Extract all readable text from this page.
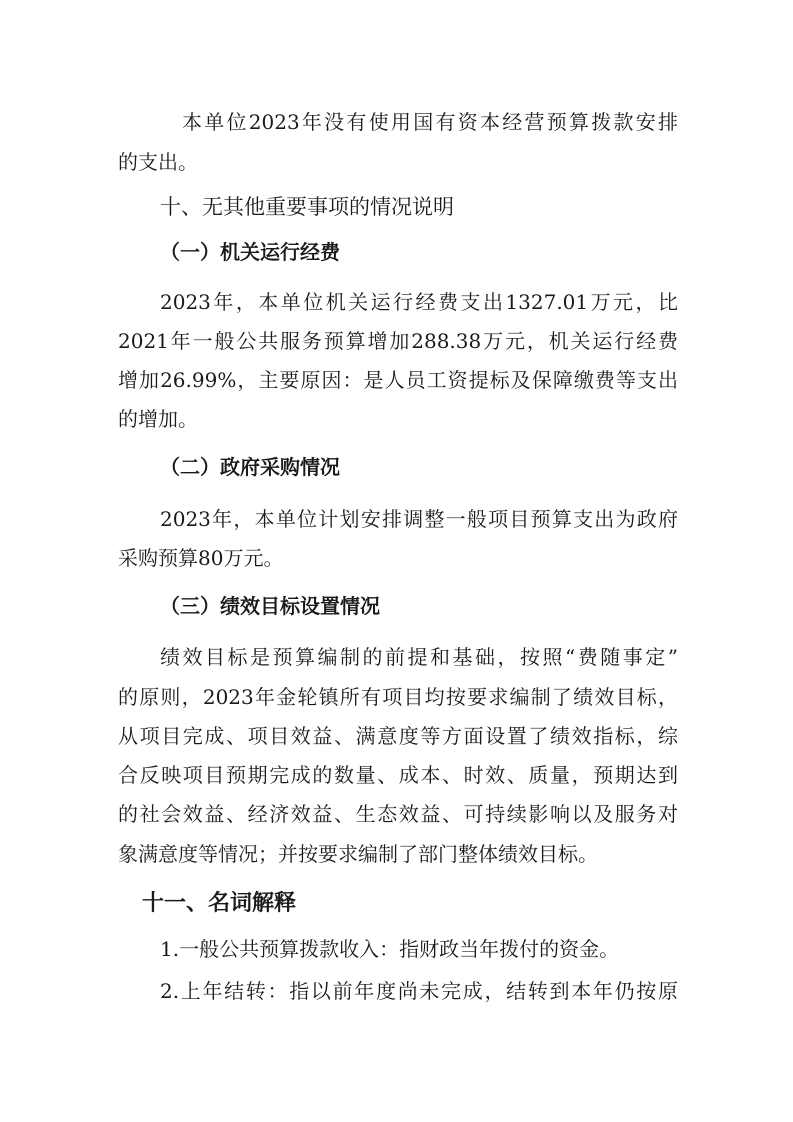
本单位2023年没有使用国有资本经营预算拨款安排
的支出。
十、无其他重要事项的情况说明
（一）机关运行经费
2023年，本单位机关运行经费支出1327.01万元，比
2021年一般公共服务预算增加288.38万元，机关运行经费
增加26.99%，主要原因：是人员工资提标及保障缴费等支出
的增加。
（二）政府采购情况
2023年，本单位计划安排调整一般项目预算支出为政府
采购预算80万元。
（三）绩效目标设置情况
绩效目标是预算编制的前提和基础，按照“费随事定”
的原则，2023年金轮镇所有项目均按要求编制了绩效目标，
从项目完成、项目效益、满意度等方面设置了绩效指标，综
合反映项目预期完成的数量、成本、时效、质量，预期达到
的社会效益、经济效益、生态效益、可持续影响以及服务对
象满意度等情况；并按要求编制了部门整体绩效目标。
十一、名词解释
1.一般公共预算拨款收入：指财政当年拨付的资金。
2.上年结转：指以前年度尚未完成，结转到本年仍按原
